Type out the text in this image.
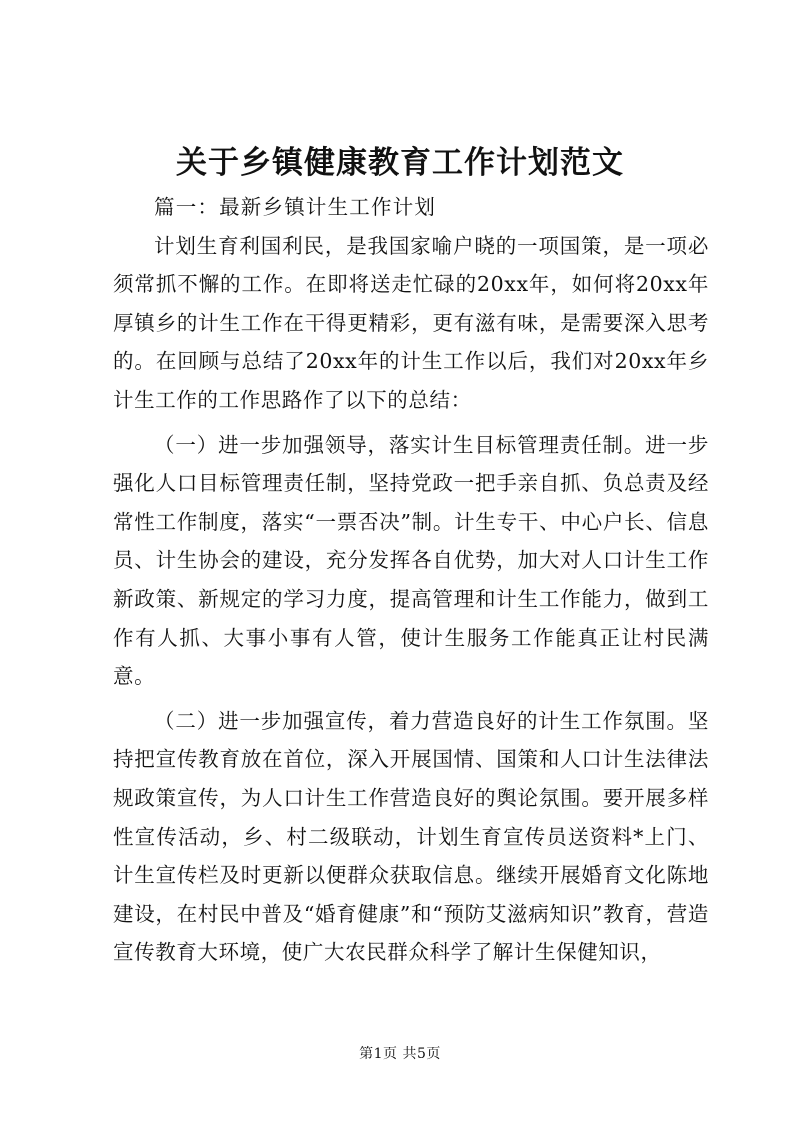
关于乡镇健康教育工作计划范文

篇一：最新乡镇计生工作计划

计划生育利国利民，是我国家喻户晓的一项国策，是一项必须常抓不懈的工作。在即将送走忙碌的20xx年，如何将20xx年厚镇乡的计生工作在干得更精彩，更有滋有味，是需要深入思考的。在回顾与总结了20xx年的计生工作以后，我们对20xx年乡计生工作的工作思路作了以下的总结：

（一）进一步加强领导，落实计生目标管理责任制。进一步强化人口目标管理责任制，坚持党政一把手亲自抓、负总责及经常性工作制度，落实“一票否决”制。计生专干、中心户长、信息员、计生协会的建设，充分发挥各自优势，加大对人口计生工作新政策、新规定的学习力度，提高管理和计生工作能力，做到工作有人抓、大事小事有人管，使计生服务工作能真正让村民满意。

（二）进一步加强宣传，着力营造良好的计生工作氛围。坚持把宣传教育放在首位，深入开展国情、国策和人口计生法律法规政策宣传，为人口计生工作营造良好的舆论氛围。要开展多样性宣传活动，乡、村二级联动，计划生育宣传员送资料*上门、计生宣传栏及时更新以便群众获取信息。继续开展婚育文化陈地建设，在村民中普及“婚育健康”和“预防艾滋病知识”教育，营造宣传教育大环境，使广大农民群众科学了解计生保健知识，

第1页 共5页
